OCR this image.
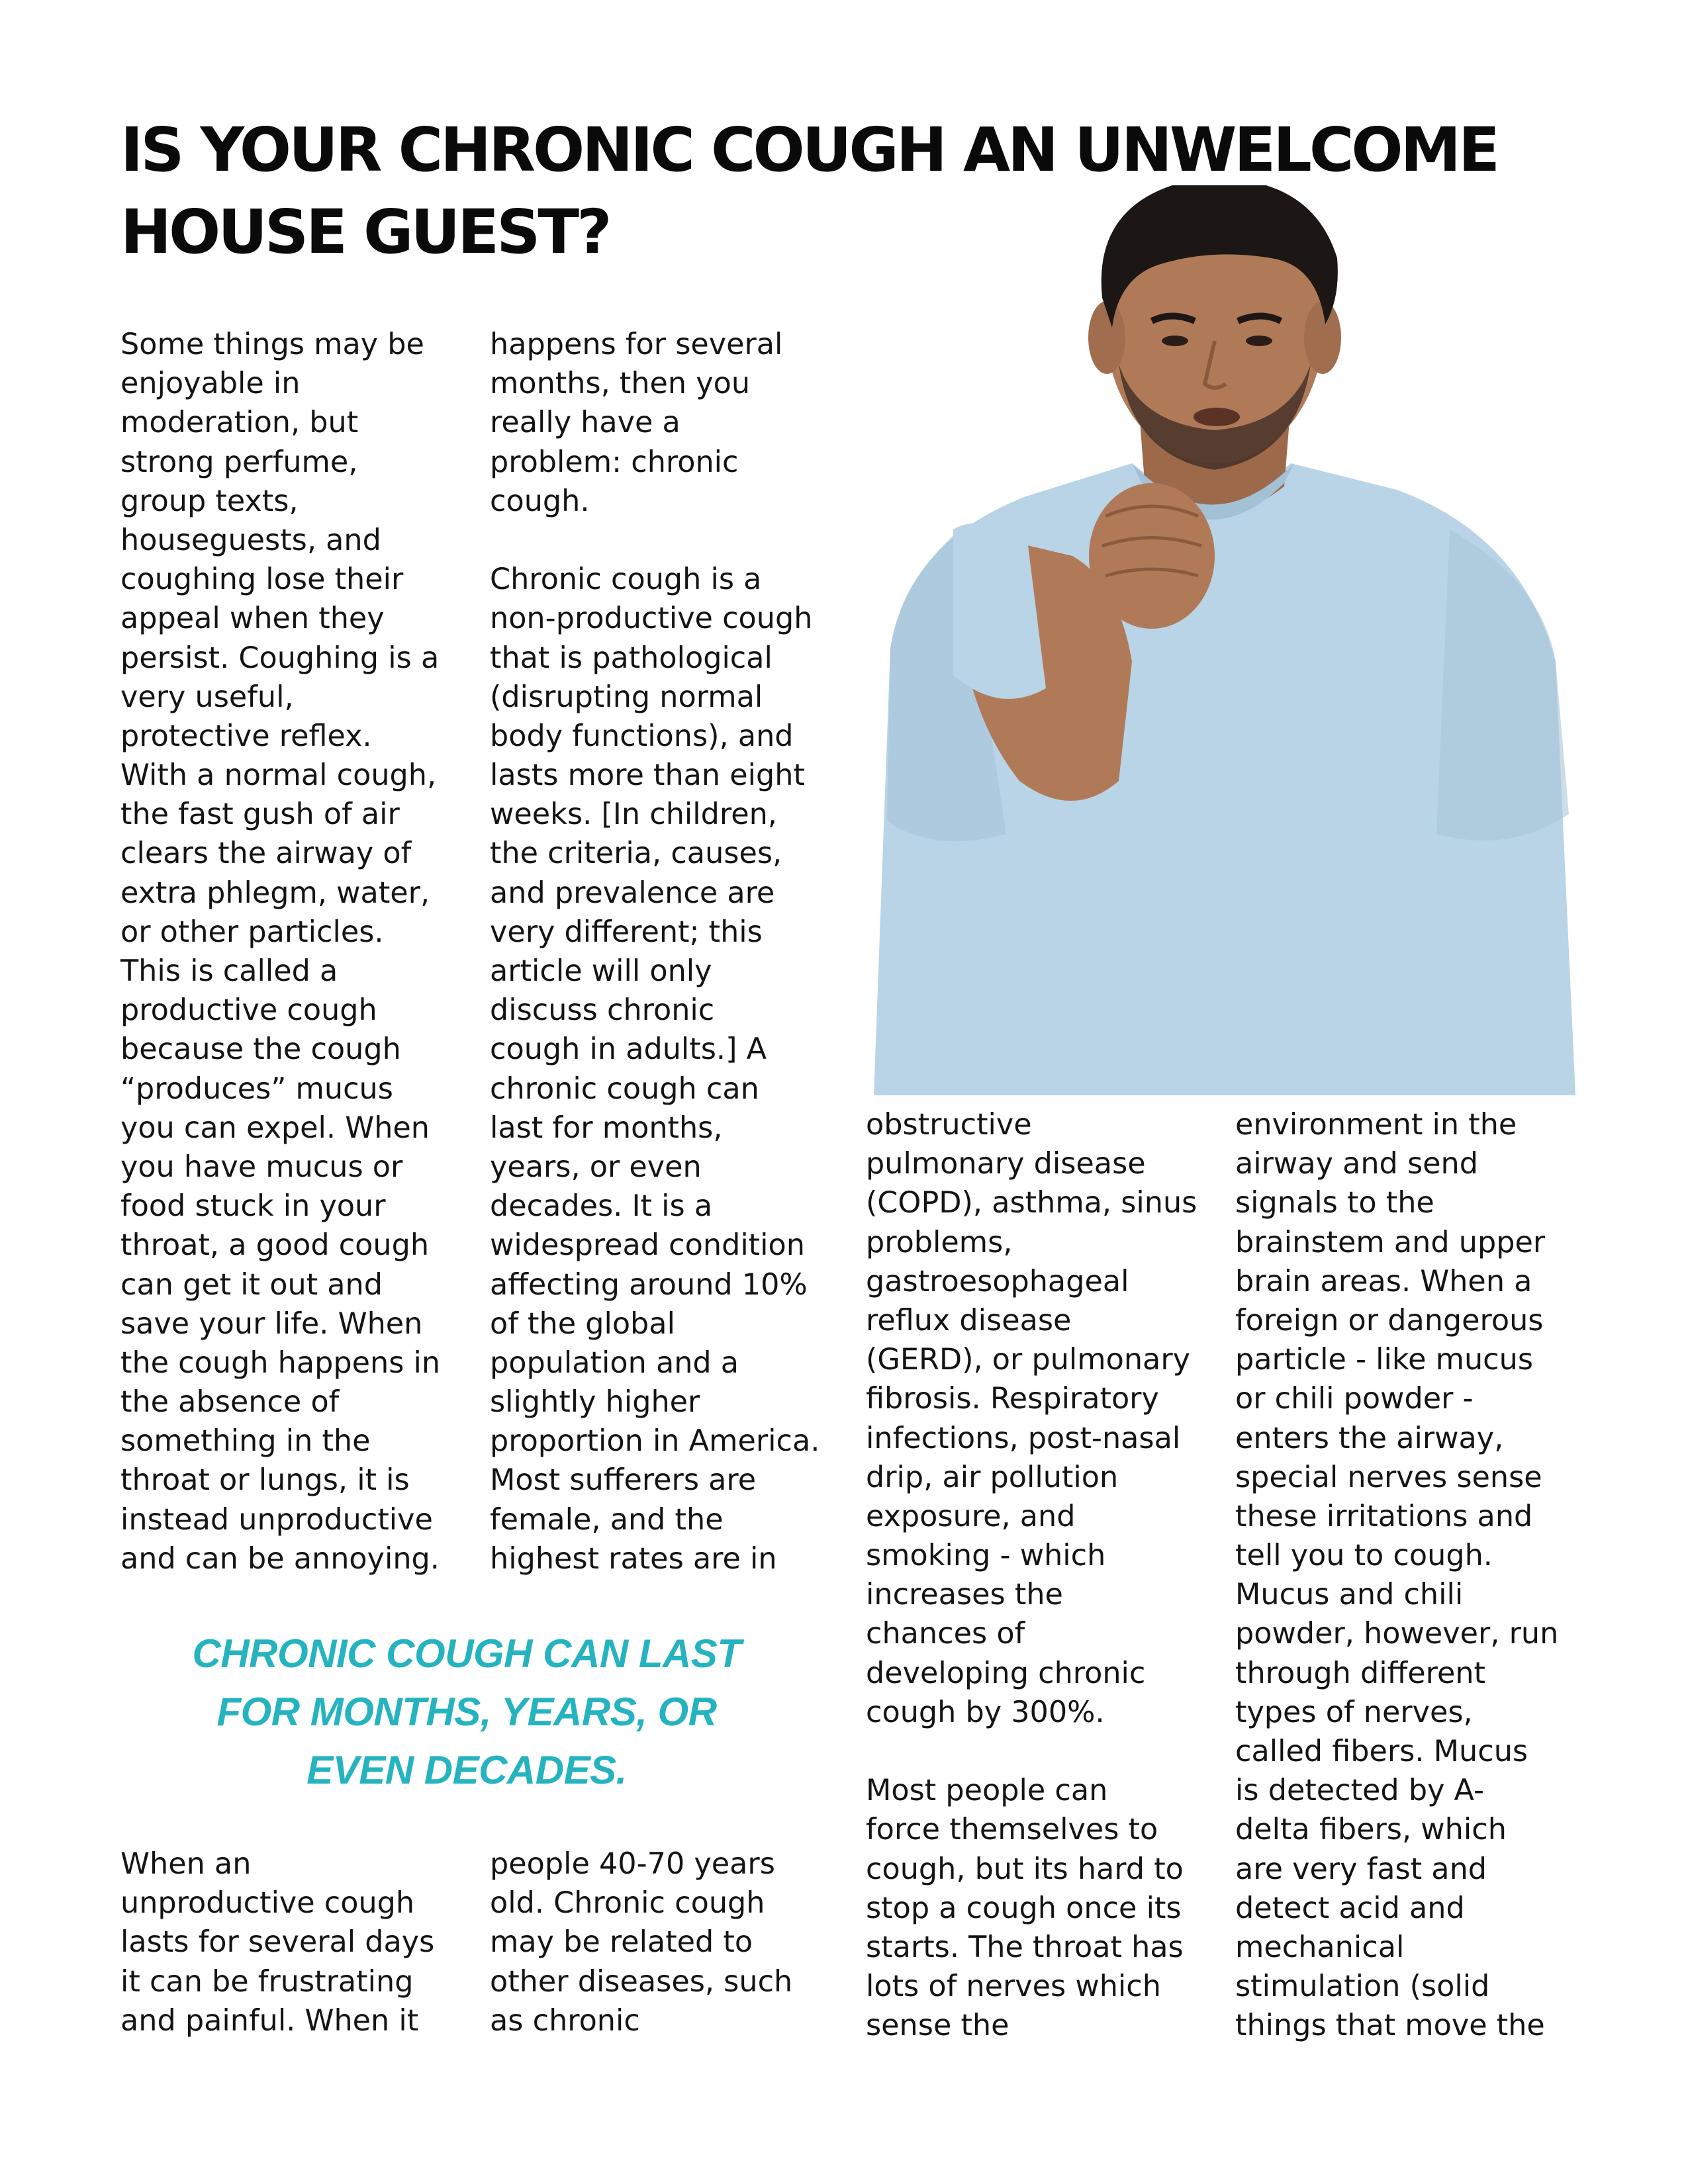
IS YOUR CHRONIC COUGH AN UNWELCOME
HOUSE GUEST?
Some things may be
enjoyable in
moderation, but
strong perfume,
group texts,
houseguests, and
coughing lose their
appeal when they
persist. Coughing is a
very useful,
protective reflex.
With a normal cough,
the fast gush of air
clears the airway of
extra phlegm, water,
or other particles.
This is called a
productive cough
because the cough
“produces” mucus
you can expel. When
you have mucus or
food stuck in your
throat, a good cough
can get it out and
save your life. When
the cough happens in
the absence of
something in the
throat or lungs, it is
instead unproductive
and can be annoying.
happens for several
months, then you
really have a
problem: chronic
cough.
Chronic cough is a
non-productive cough
that is pathological
(disrupting normal
body functions), and
lasts more than eight
weeks. [In children,
the criteria, causes,
and prevalence are
very different; this
article will only
discuss chronic
cough in adults.] A
chronic cough can
last for months,
years, or even
decades. It is a
widespread condition
affecting around 10%
of the global
population and a
slightly higher
proportion in America.
Most sufferers are
female, and the
highest rates are in
CHRONIC COUGH CAN LAST
FOR MONTHS, YEARS, OR
EVEN DECADES.
When an
unproductive cough
lasts for several days
it can be frustrating
and painful. When it
people 40-70 years
old. Chronic cough
may be related to
other diseases, such
as chronic
obstructive
pulmonary disease
(COPD), asthma, sinus
problems,
gastroesophageal
reflux disease
(GERD), or pulmonary
fibrosis. Respiratory
infections, post-nasal
drip, air pollution
exposure, and
smoking - which
increases the
chances of
developing chronic
cough by 300%.
Most people can
force themselves to
cough, but its hard to
stop a cough once its
starts. The throat has
lots of nerves which
sense the
environment in the
airway and send
signals to the
brainstem and upper
brain areas. When a
foreign or dangerous
particle - like mucus
or chili powder -
enters the airway,
special nerves sense
these irritations and
tell you to cough.
Mucus and chili
powder, however, run
through different
types of nerves,
called fibers. Mucus
is detected by A-
delta fibers, which
are very fast and
detect acid and
mechanical
stimulation (solid
things that move the
